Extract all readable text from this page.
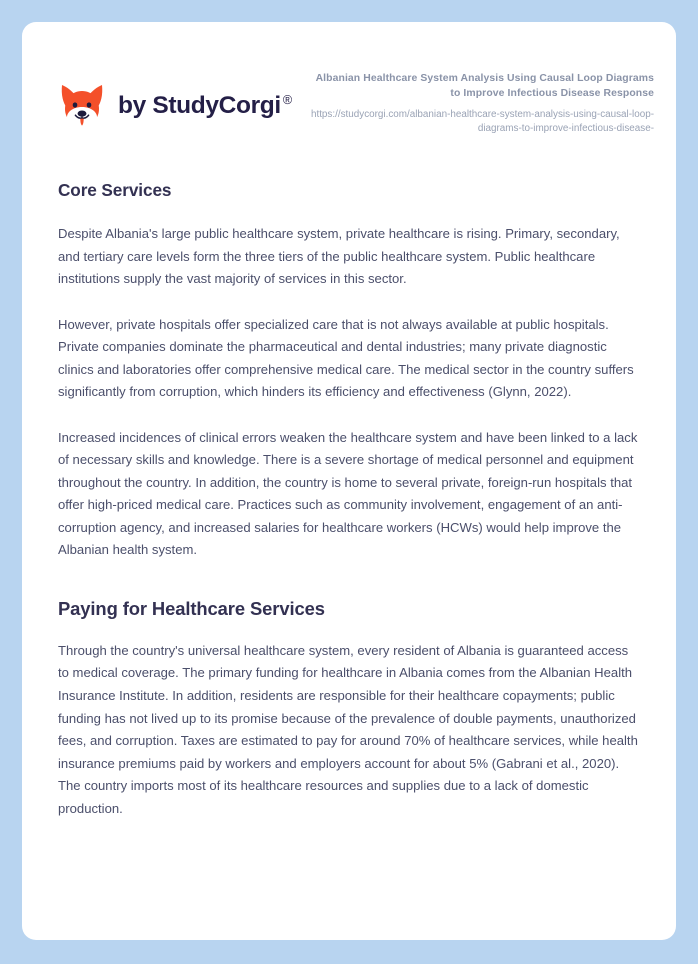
by StudyCorgi ®
Albanian Healthcare System Analysis Using Causal Loop Diagrams to Improve Infectious Disease Response
https://studycorgi.com/albanian-healthcare-system-analysis-using-causal-loop-diagrams-to-improve-infectious-disease-
Core Services

Despite Albania's large public healthcare system, private healthcare is rising. Primary, secondary, and tertiary care levels form the three tiers of the public healthcare system. Public healthcare institutions supply the vast majority of services in this sector.

However, private hospitals offer specialized care that is not always available at public hospitals. Private companies dominate the pharmaceutical and dental industries; many private diagnostic clinics and laboratories offer comprehensive medical care. The medical sector in the country suffers significantly from corruption, which hinders its efficiency and effectiveness (Glynn, 2022).

Increased incidences of clinical errors weaken the healthcare system and have been linked to a lack of necessary skills and knowledge. There is a severe shortage of medical personnel and equipment throughout the country. In addition, the country is home to several private, foreign-run hospitals that offer high-priced medical care. Practices such as community involvement, engagement of an anti-corruption agency, and increased salaries for healthcare workers (HCWs) would help improve the Albanian health system.

Paying for Healthcare Services

Through the country's universal healthcare system, every resident of Albania is guaranteed access to medical coverage. The primary funding for healthcare in Albania comes from the Albanian Health Insurance Institute. In addition, residents are responsible for their healthcare copayments; public funding has not lived up to its promise because of the prevalence of double payments, unauthorized fees, and corruption. Taxes are estimated to pay for around 70% of healthcare services, while health insurance premiums paid by workers and employers account for about 5% (Gabrani et al., 2020). The country imports most of its healthcare resources and supplies due to a lack of domestic production.
